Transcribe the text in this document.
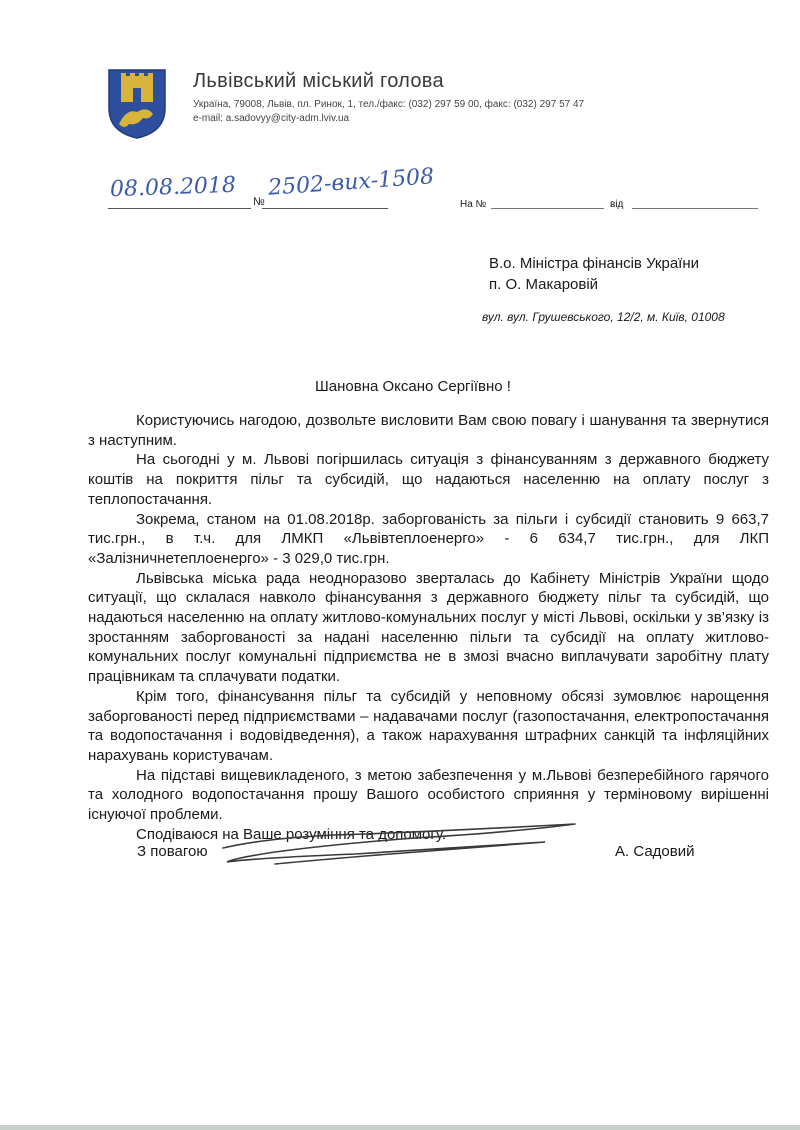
Львівський міський голова
Україна, 79008, Львів, пл. Ринок, 1, тел./факс: (032) 297 59 00, факс: (032) 297 57 47
e-mail: a.sadovyy@city-adm.lviv.ua
08.08.2018 №
2502-вих-1508
На №	від
В.о. Міністра фінансів України
п. О. Макаровій
вул. вул. Грушевського, 12/2, м. Київ, 01008
Шановна Оксано Сергіївно !

Користуючись нагодою, дозвольте висловити Вам свою повагу і шанування та звернутися з наступним.

На сьогодні у м. Львові погіршилась ситуація з фінансуванням з державного бюджету коштів на покриття пільг та субсидій, що надаються населенню на оплату послуг з теплопостачання.

Зокрема, станом на 01.08.2018р. заборгованість за пільги і субсидії становить 9 663,7 тис.грн., в т.ч. для ЛМКП «Львівтеплоенерго» - 6 634,7 тис.грн., для ЛКП «Залізничнетеплоенерго» - 3 029,0 тис.грн.

Львівська міська рада неодноразово зверталась до Кабінету Міністрів України щодо ситуації, що склалася навколо фінансування з державного бюджету пільг та субсидій, що надаються населенню на оплату житлово-комунальних послуг у місті Львові, оскільки у зв’язку із зростанням заборгованості за надані населенню пільги та субсидії на оплату житлово-комунальних послуг комунальні підприємства не в змозі вчасно виплачувати заробітну плату працівникам та сплачувати податки.

Крім того, фінансування пільг та субсидій у неповному обсязі зумовлює нарощення заборгованості перед підприємствами – надавачами послуг (газопостачання, електропостачання та водопостачання і водовідведення), а також нарахування штрафних санкцій та інфляційних нарахувань користувачам.

На підставі вищевикладеного, з метою забезпечення у м.Львові безперебійного гарячого та холодного водопостачання прошу Вашого особистого сприяння у терміновому вирішенні існуючої проблеми.

Сподіваюся на Ваше розуміння та допомогу.

З повагою	А. Садовий
